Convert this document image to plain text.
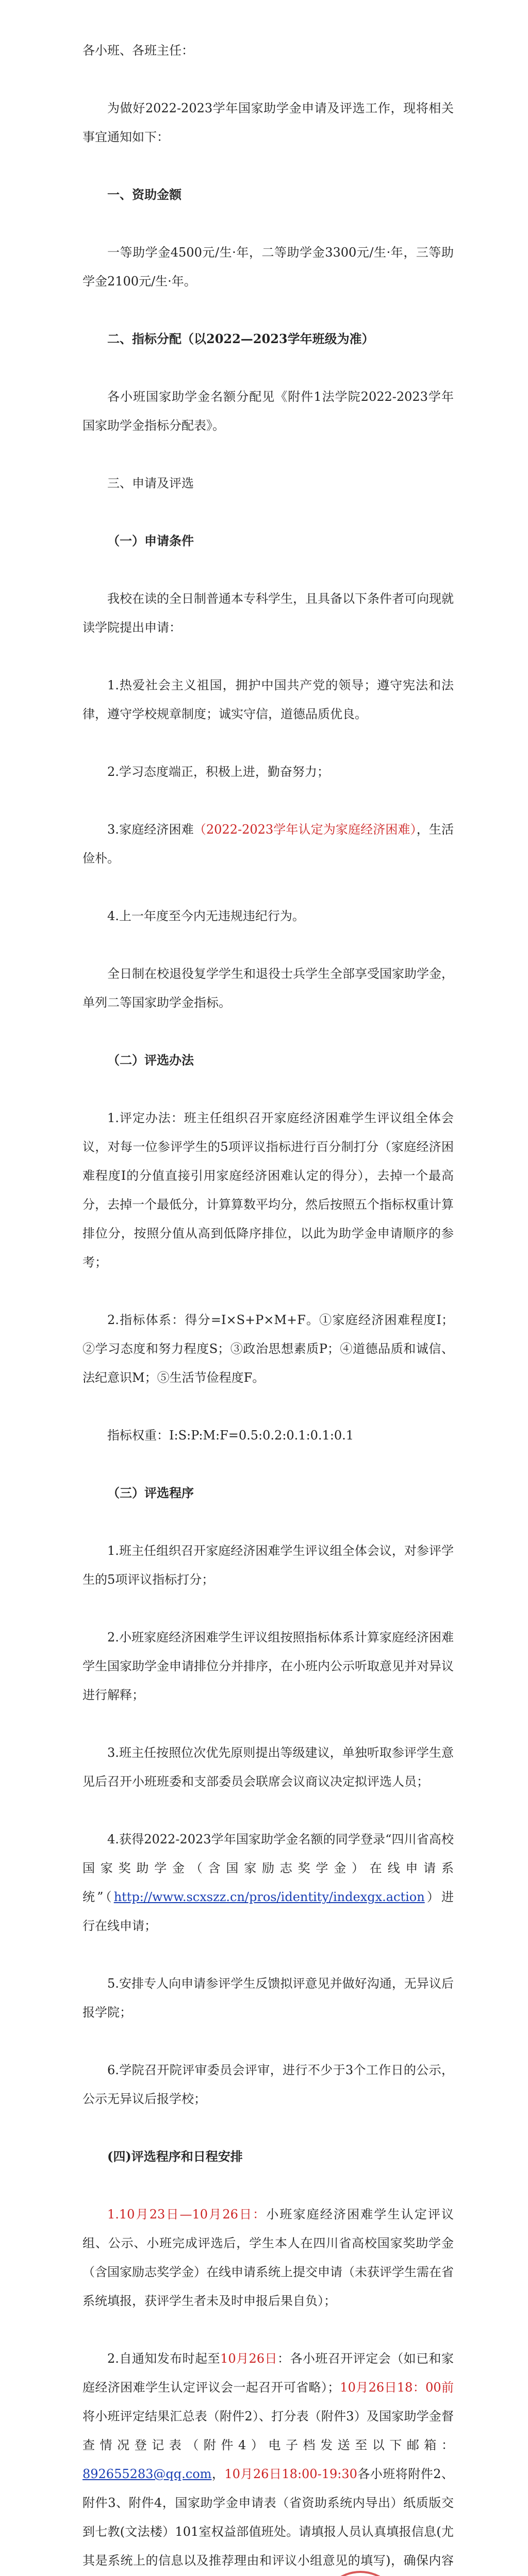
各小班、各班主任：

为做好2022-2023学年国家助学金申请及评选工作，现将相关事宜通知如下：

一、资助金额

一等助学金4500元/生·年，二等助学金3300元/生·年，三等助学金2100元/生·年。

二、指标分配（以2022—2023学年班级为准）

各小班国家助学金名额分配见《附件1法学院2022-2023学年国家助学金指标分配表》。

三、申请及评选

（一）申请条件

我校在读的全日制普通本专科学生，且具备以下条件者可向现就读学院提出申请：

1.热爱社会主义祖国，拥护中国共产党的领导；遵守宪法和法律，遵守学校规章制度；诚实守信，道德品质优良。

2.学习态度端正，积极上进，勤奋努力；

3.家庭经济困难（2022-2023学年认定为家庭经济困难），生活俭朴。

4.上一年度至今内无违规违纪行为。

全日制在校退役复学学生和退役士兵学生全部享受国家助学金，单列二等国家助学金指标。

（二）评选办法

1.评定办法：班主任组织召开家庭经济困难学生评议组全体会议，对每一位参评学生的5项评议指标进行百分制打分（家庭经济困难程度I的分值直接引用家庭经济困难认定的得分），去掉一个最高分，去掉一个最低分，计算算数平均分，然后按照五个指标权重计算排位分，按照分值从高到低降序排位，以此为助学金申请顺序的参考；

2.指标体系：得分=I×S+P×M+F。①家庭经济困难程度I；②学习态度和努力程度S；③政治思想素质P；④道德品质和诚信、法纪意识M；⑤生活节俭程度F。

指标权重：I:S:P:M:F=0.5:0.2:0.1:0.1:0.1

（三）评选程序

1.班主任组织召开家庭经济困难学生评议组全体会议，对参评学生的5项评议指标打分；

2.小班家庭经济困难学生评议组按照指标体系计算家庭经济困难学生国家助学金申请排位分并排序，在小班内公示听取意见并对异议进行解释；

3.班主任按照位次优先原则提出等级建议，单独听取参评学生意见后召开小班班委和支部委员会联席会议商议决定拟评选人员；

4.获得2022-2023学年国家助学金名额的同学登录“四川省高校国家奖助学金（含国家励志奖学金）在线申请系统”（http://www.scxszz.cn/pros/identity/indexgx.action）进行在线申请；

5.安排专人向申请参评学生反馈拟评意见并做好沟通，无异议后报学院；

6.学院召开院评审委员会评审，进行不少于3个工作日的公示，公示无异议后报学校；

(四)评选程序和日程安排

1.10月23日—10月26日：小班家庭经济困难学生认定评议组、公示、小班完成评选后，学生本人在四川省高校国家奖助学金（含国家励志奖学金）在线申请系统上提交申请（未获评学生需在省系统填报，获评学生者未及时申报后果自负）；

2.自通知发布时起至10月26日：各小班召开评定会（如已和家庭经济困难学生认定评议会一起召开可省略）；10月26日18：00前将小班评定结果汇总表（附件2）、打分表（附件3）及国家助学金督查情况登记表（附件4）电子档发送至以下邮箱：892655283@qq.com，10月26日18:00-19:30各小班将附件2、附件3、附件4，国家助学金申请表（省资助系统内导出）纸质版交到七教(文法楼）101室权益部值班处。请填报人员认真填报信息(尤其是系统上的信息以及推荐理由和评议小组意见的填写)，确保内容
